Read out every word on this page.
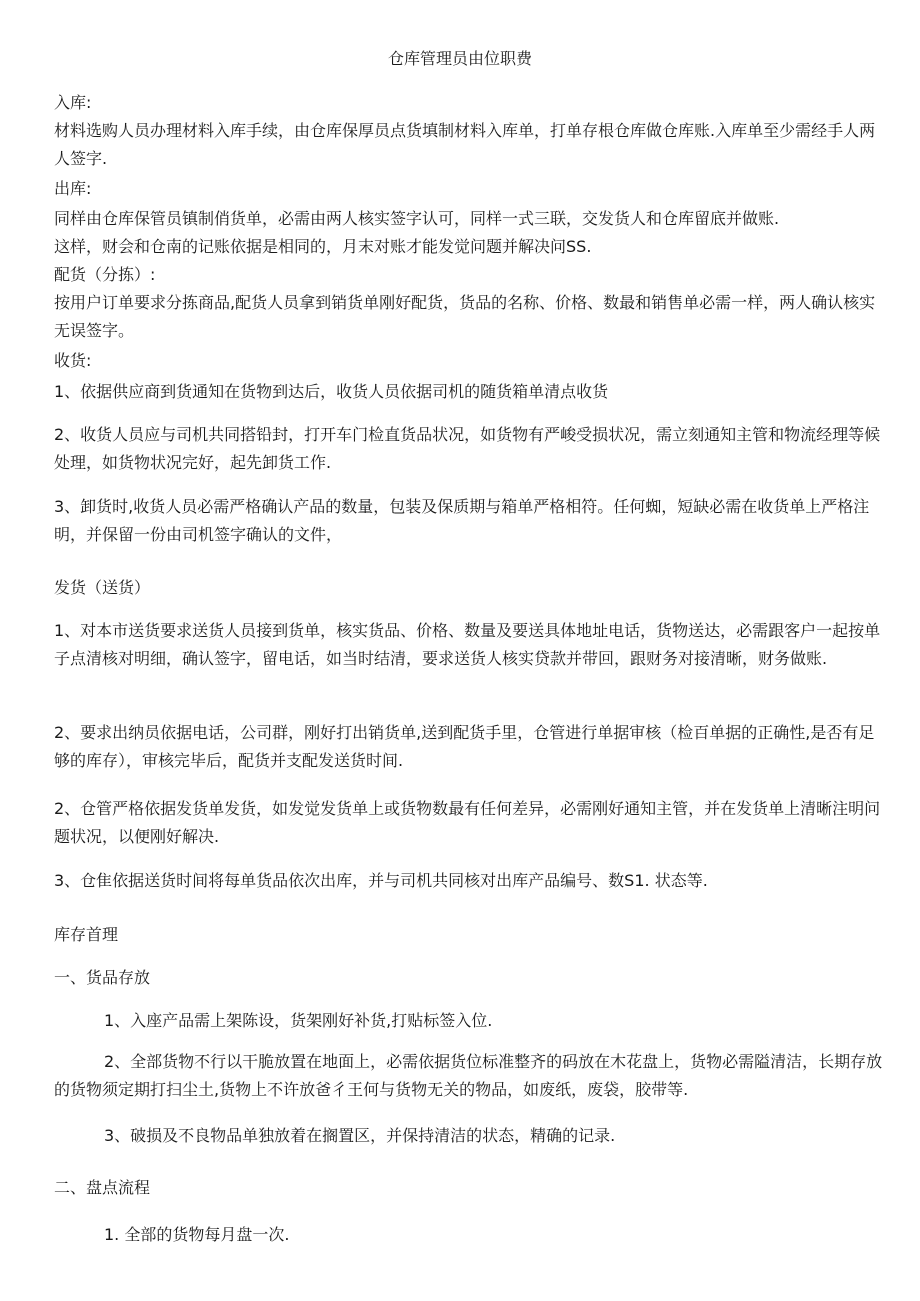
仓库管理员由位职费

入库:

材料选购人员办理材料入库手续，由仓库保厚员点货填制材料入库单，打单存根仓库做仓库账.入库单至少需经手人两人签字.

出库:

同样由仓库保管员镇制俏货单，必需由两人核实签字认可，同样一式三联，交发货人和仓库留底并做账.

这样，财会和仓南的记账依据是相同的，月末对账才能发觉问题并解决问SS.

配货（分拣）:

按用户订单要求分拣商品,配货人员拿到销货单刚好配货，货品的名称、价格、数最和销售单必需一样，两人确认核实无误签字。

收货:

1、依据供应商到货通知在货物到达后，收货人员依据司机的随货箱单清点收货

2、收货人员应与司机共同搭铅封，打开车门检直货品状况，如货物有严峻受损状况，需立刻通知主管和物流经理等候处理，如货物状况完好，起先卸货工作.

3、卸货时,收货人员必需严格确认产品的数量，包装及保质期与箱单严格相符。任何蜘，短缺必需在收货单上严格注明，并保留一份由司机签字确认的文件，

发货（送货）

1、对本市送货要求送货人员接到货单，核实货品、价格、数量及要送具体地址电话，货物送达，必需跟客户一起按单子点清核对明细，确认签字，留电话，如当时结清，要求送货人核实贷款并带回，跟财务对接清晰，财务做账.

2、要求出纳员依据电话，公司群，刚好打出销货单,送到配货手里，仓管进行单据审核（检百单据的正确性,是否有足够的库存），审核完毕后，配货并支配发送货时间.

2、仓管严格依据发货单发货，如发觉发货单上或货物数最有任何差异，必需刚好通知主管，并在发货单上清晰注明问题状况，以便刚好解决.

3、仓隹依据送货时间将每单货品依次出库，并与司机共同核对出库产品编号、数S1. 状态等.

库存首理

一、货品存放

1、入座产品需上架陈设，货架刚好补货,打贴标签入位.

2、全部货物不行以干脆放置在地面上，必需依据货位标准整齐的码放在木花盘上，货物必需隘清洁，长期存放的货物须定期打扫尘土,货物上不许放爸彳王何与货物无关的物品，如废纸，废袋，胶带等.

3、破损及不良物品单独放着在搁置区，并保持清洁的状态，精确的记录.

二、盘点流程

1. 全部的货物每月盘一次.
